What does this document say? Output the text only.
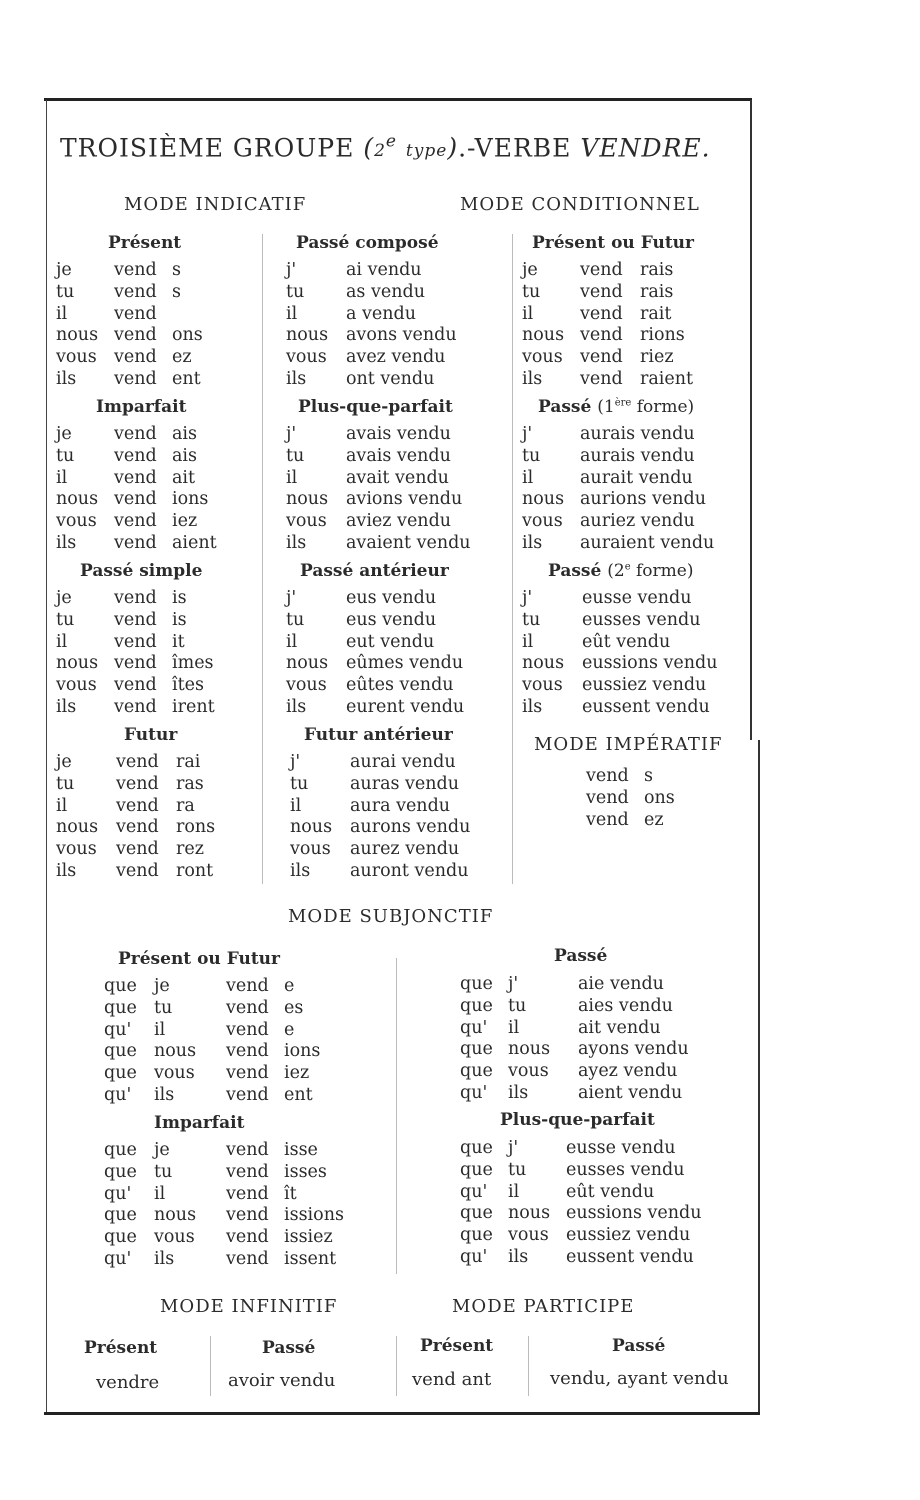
TROISIÈME GROUPE (2e type).-VERBE VENDRE.
MODE INDICATIF	MODE CONDITIONNEL
MODE IMPÉRATIF
MODE SUBJONCTIF
MODE INFINITIF	MODE PARTICIPE
Présent
je vend s
tu vend s
il	vend
nous vend ons
vous vend ez
ils vend ent
Imparfait
je vend ais
tu vend ais
il	vend ait
nous vend ions
vous vend iez
ils vend aient
Passé simple
je vend is
tu vend is
il	vend it
nous vend îmes
vous vend îtes
ils vend irent
Futur
je	vend rai
tu vend ras
il	vend ra
nous vend rons
vous vend rez
ils vend ront
Passé composé
j'	ai vendu
tu as vendu
il	a vendu
nous avons vendu
vous avez vendu
ils ont vendu
Plus-que-parfait
j'	avais vendu
tu avais vendu
il	avait vendu
nous avions vendu
vous aviez vendu
ils avaient vendu
Passé antérieur
j'	eus vendu
tu eus vendu
il	eut vendu
nous eûmes vendu
vous eûtes vendu
ils eurent vendu
Futur antérieur
j'	aurai vendu
tu auras vendu
il	aura vendu
nous aurons vendu
vous aurez vendu
ils auront vendu
Présent ou Futur
je vend rais
tu vend rais
il	vend rait
nous vend rions
vous vend riez
ils vend raient
Passé (1ère forme)
j'	aurais vendu
tu aurais vendu
il	aurait vendu
nous aurions vendu
vous auriez vendu
ils auraient vendu
Passé (2e forme)
j'	eusse vendu
tu eusses vendu
il	eût vendu
nous eussions vendu
vous eussiez vendu
ils eussent vendu
vend s
vend ons
vend ez
Présent ou Futur
que je	vend e
que tu	vend es
qu' il	vend e
que nous vend ions
que vous vend iez
qu' ils	vend ent
Imparfait
que je	vend isse
que tu	vend isses
qu' il	vend ît
que nous vend issions
que vous vend issiez
qu' ils	vend issent
Passé
que j'	aie vendu
que tu	aies vendu
qu' il	ait vendu
que nous ayons vendu
que vous ayez vendu
qu' ils	aient vendu
Plus-que-parfait
que j'	eusse vendu
que tu eusses vendu
qu' il	eût vendu
que nous eussions vendu
que vous eussiez vendu
qu' ils eussent vendu
Présent	Passé	Présent	Passé
vendre	avoir vendu	vend ant	vendu, ayant vendu
